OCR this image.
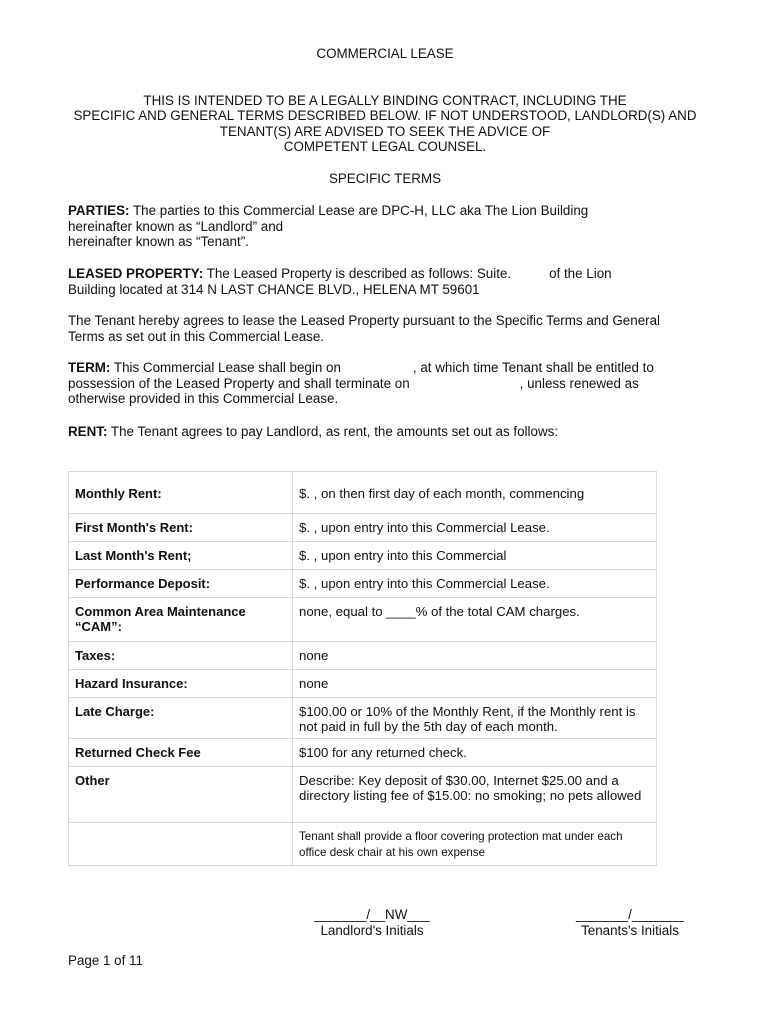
COMMERCIAL LEASE
THIS IS INTENDED TO BE A LEGALLY BINDING CONTRACT, INCLUDING THE
SPECIFIC AND GENERAL TERMS DESCRIBED BELOW. IF NOT UNDERSTOOD, LANDLORD(S) AND
TENANT(S) ARE ADVISED TO SEEK THE ADVICE OF
COMPETENT LEGAL COUNSEL.
SPECIFIC TERMS
PARTIES: The parties to this Commercial Lease are DPC-H, LLC aka The Lion Building
hereinafter known as “Landlord” and
hereinafter known as “Tenant”.
LEASED PROPERTY: The Leased Property is described as follows: Suite.	of the Lion
Building located at 314 N LAST CHANCE BLVD., HELENA MT 59601
The Tenant hereby agrees to lease the Leased Property pursuant to the Specific Terms and General
Terms as set out in this Commercial Lease.
TERM: This Commercial Lease shall begin on	, at which time Tenant shall be entitled to
possession of the Leased Property and shall terminate on	, unless renewed as
otherwise provided in this Commercial Lease.
RENT: The Tenant agrees to pay Landlord, as rent, the amounts set out as follows:
Monthly Rent:	$. , on then first day of each month, commencing
First Month's Rent:	$. , upon entry into this Commercial Lease.
Last Month's Rent;	$. , upon entry into this Commercial
Performance Deposit:	$. , upon entry into this Commercial Lease.
Common Area Maintenance “CAM”:	none, equal to ____% of the total CAM charges.
Taxes:	none
Hazard Insurance:	none
Late Charge:	$100.00 or 10% of the Monthly Rent, if the Monthly rent is not paid in full by the 5th day of each month.
Returned Check Fee	$100 for any returned check.
Other	Describe: Key deposit of $30.00, Internet $25.00 and a directory listing fee of $15.00: no smoking; no pets allowed
	Tenant shall provide a floor covering protection mat under each office desk chair at his own expense
_______/__NW___
Landlord's Initials
_______/_______
Tenants's Initials
Page 1 of 11
